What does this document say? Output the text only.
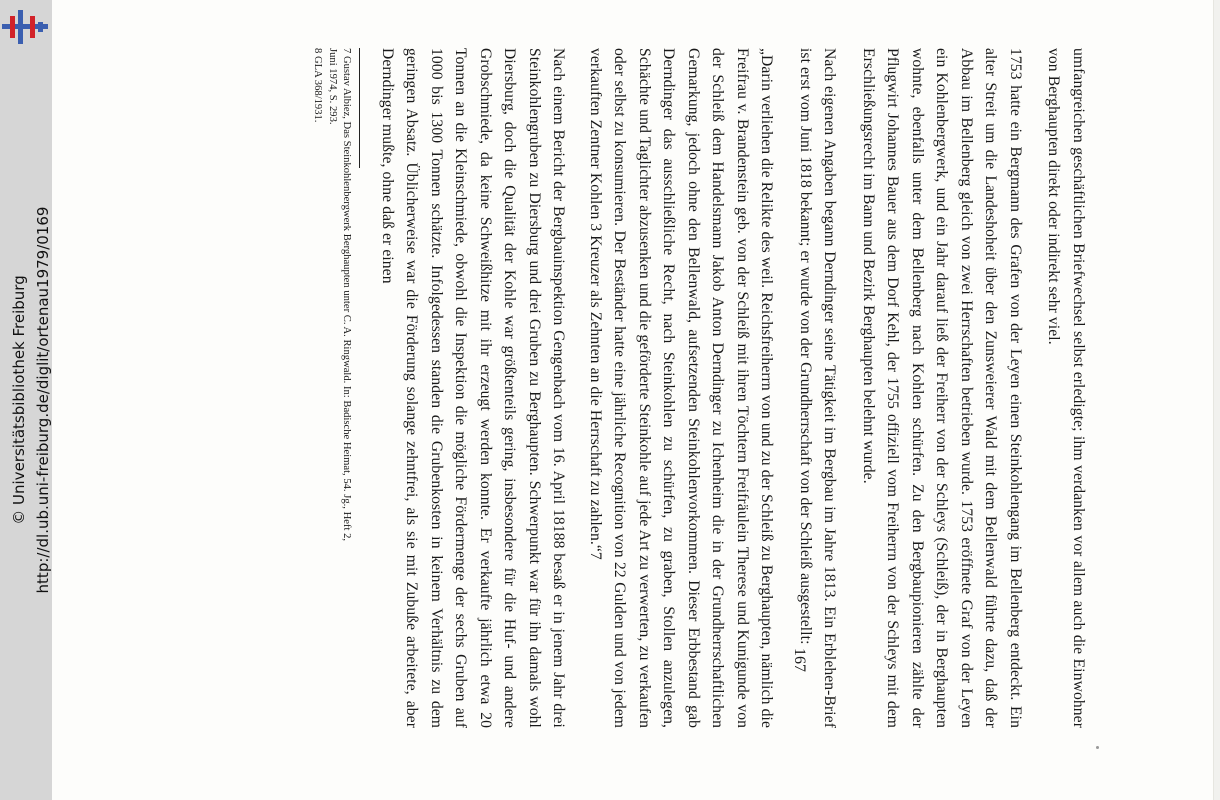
http://dl.ub.uni-freiburg.de/diglit/ortenau1979/0169
© Universitätsbibliothek Freiburg	umfangreichen geschäftlichen Briefwechsel selbst erledigte; ihm verdanken vor allem auch die Einwohner von Berghaupten direkt oder indirekt sehr viel.

1753 hatte ein Bergmann des Grafen von der Leyen einen Steinkohlengang im Bellenberg entdeckt. Ein alter Streit um die Landeshoheit über den Zunsweierer Wald mit dem Bellenwald führte dazu, daß der Abbau im Bellenberg gleich von zwei Herrschaften betrieben wurde. 1753 eröffnete Graf von der Leyen ein Kohlenbergwerk, und ein Jahr darauf ließ der Freiherr von der Schleys (Schleiß), der in Berghaupten wohnte, ebenfalls unter dem Bellenberg nach Kohlen schürfen. Zu den Bergbaupionieren zählte der Pflugwirt Johannes Bauer aus dem Dorf Kehl, der 1755 offiziell vom Freiherrn von der Schleys mit dem Erschließungsrecht im Bann und Bezirk Berghaupten belehnt wurde.

Nach eigenen Angaben begann Derndinger seine Tätigkeit im Bergbau im Jahre 1813. Ein Erblehen-Brief ist erst vom Juni 1818 bekannt; er wurde von der Grundherrschaft von der Schleiß ausgestellt:

„Darin verliehen die Relikte des weil. Reichsfreiherrn von und zu der Schleiß zu Berghaupten, nämlich die Freifrau v. Brandenstein geb. von der Schleiß mit ihren Töchtern Freifräulein Therese und Kunigunde von der Schleiß dem Handelsmann Jakob Anton Derndinger zu Ichenheim die in der Grundherrschaftlichen Gemarkung, jedoch ohne den Bellenwald, aufsetzenden Steinkohlenvorkommen. Dieser Erbbestand gab Derndinger das ausschließliche Recht, nach Steinkohlen zu schürfen, zu graben, Stollen anzulegen, Schächte und Taglichter abzusenken und die geförderte Steinkohle auf jede Art zu verwerten, zu verkaufen oder selbst zu konsumieren. Der Beständer hatte eine jährliche Recognition von 22 Gulden und von jedem verkauften Zentner Kohlen 3 Kreuzer als Zehnten an die Herrschaft zu zahlen.“7

Nach einem Bericht der Bergbauinspektion Gengenbach vom 16. April 18188 besaß er in jenem Jahr drei Steinkohlengruben zu Diersburg und drei Gruben zu Berghaupten. Schwerpunkt war für ihn damals wohl Diersburg, doch die Qualität der Kohle war größtenteils gering, insbesondere für die Huf- und andere Grobschmiede, da keine Schweißhitze mit ihr erzeugt werden konnte. Er verkaufte jährlich etwa 20 Tonnen an die Kleinschmiede, obwohl die Inspektion die mögliche Fördermenge der sechs Gruben auf 1000 bis 1300 Tonnen schätzte. Infolgedessen standen die Grubenkosten in keinem Verhältnis zu dem geringen Absatz. Üblicherweise war die Förderung solange zehntfrei, als sie mit Zubuße arbeitete, aber Derndinger mußte, ohne daß er einen

7 Gustav Albiez, Das Steinkohlenbergwerk Berghaupten unter C. A. Ringwald. In: Badische Heimat, 54. Jg., Heft 2,

Juni 1974, S. 293.

8 GLA 368/1931.

167
